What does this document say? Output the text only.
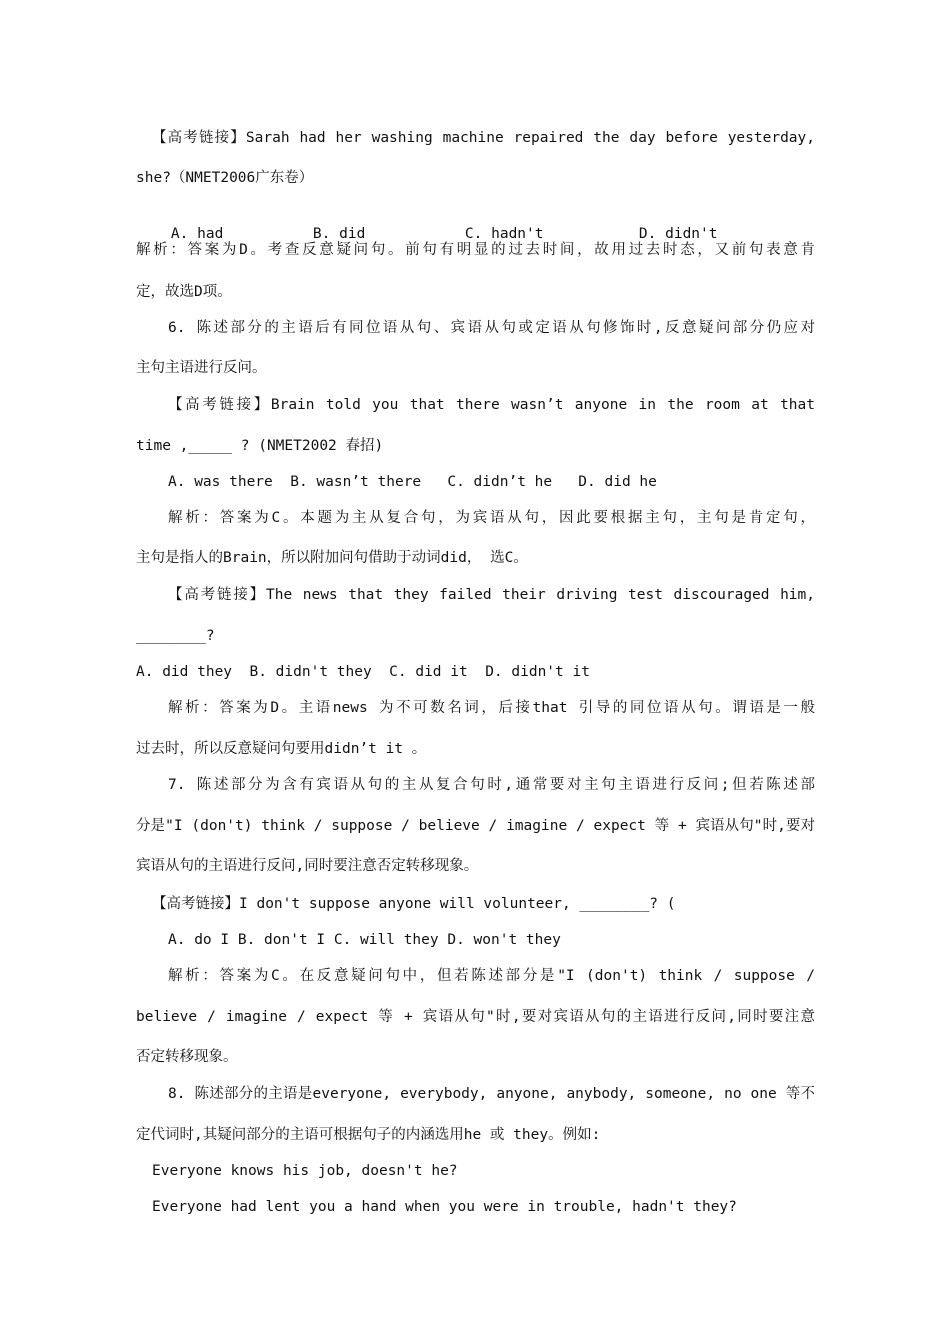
【高考链接】Sarah had her washing machine repaired the day before yesterday,
she?（NMET2006广东卷）

A. had	B. did	C. hadn't	D. didn't

解析：答案为D。考查反意疑问句。前句有明显的过去时间，故用过去时态，又前句表意肯
定，故选D项。
6. 陈述部分的主语后有同位语从句、宾语从句或定语从句修饰时,反意疑问部分仍应对
主句主语进行反问。
【高考链接】Brain told you that there wasn’t anyone in the room at that
time ,_____ ? (NMET2002 春招)
A. was there  B. wasn’t there   C. didn’t he   D. did he
解析：答案为C。本题为主从复合句，为宾语从句，因此要根据主句，主句是肯定句，
主句是指人的Brain，所以附加问句借助于动词did， 选C。
【高考链接】The news that they failed their driving test discouraged him,
________?
A. did they  B. didn't they  C. did it  D. didn't it
解析：答案为D。主语news 为不可数名词，后接that 引导的同位语从句。谓语是一般
过去时，所以反意疑问句要用didn’t it 。
7. 陈述部分为含有宾语从句的主从复合句时,通常要对主句主语进行反问;但若陈述部
分是"I (don't) think / suppose / believe / imagine / expect 等 + 宾语从句"时,要对
宾语从句的主语进行反问,同时要注意否定转移现象。
【高考链接】I don't suppose anyone will volunteer, ________? (
A. do I B. don't I C. will they D. won't they
解析：答案为C。在反意疑问句中，但若陈述部分是"I (don't) think / suppose /
believe / imagine / expect 等 + 宾语从句"时,要对宾语从句的主语进行反问,同时要注意
否定转移现象。
8. 陈述部分的主语是everyone, everybody, anyone, anybody, someone, no one 等不
定代词时,其疑问部分的主语可根据句子的内涵选用he 或 they。例如:
Everyone knows his job, doesn't he?
Everyone had lent you a hand when you were in trouble, hadn't they?
